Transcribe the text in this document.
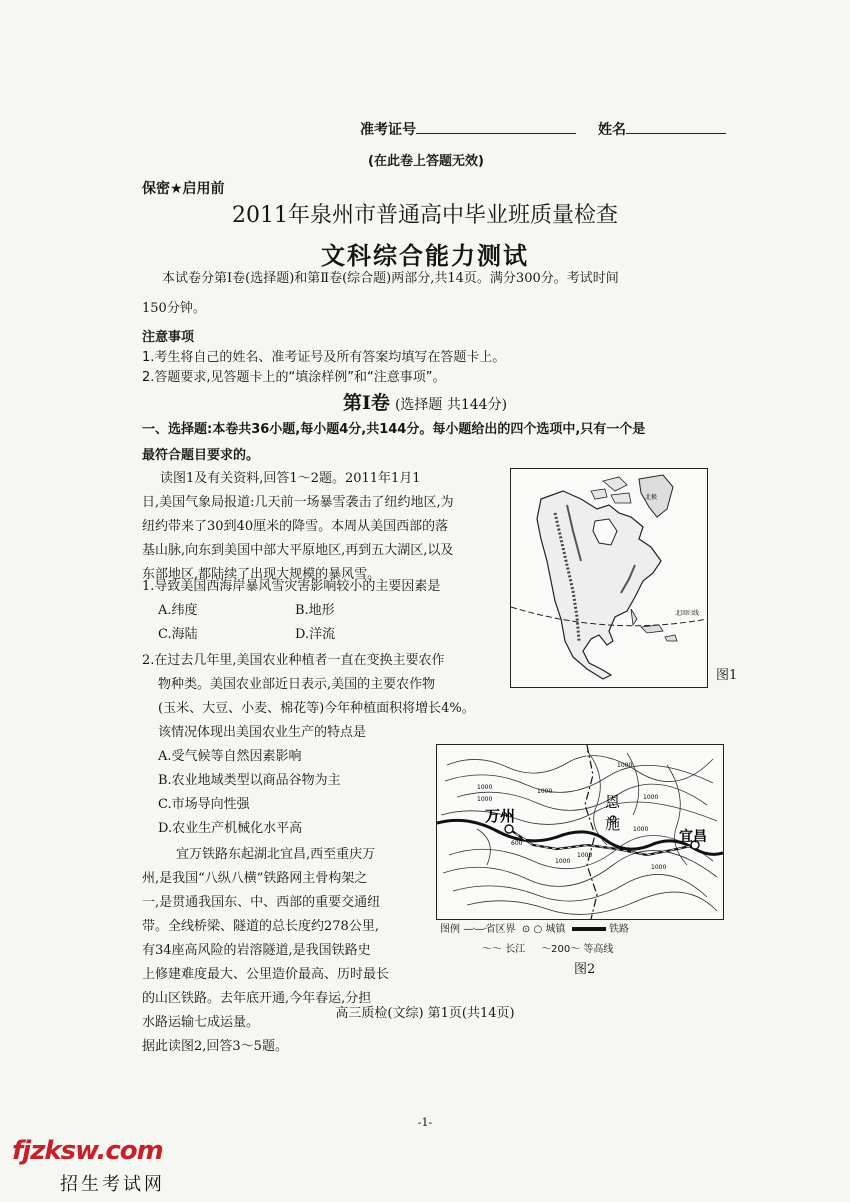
准考证号	姓名
(在此卷上答题无效)
保密★启用前
2011年泉州市普通高中毕业班质量检查
文科综合能力测试
本试卷分第Ⅰ卷(选择题)和第Ⅱ卷(综合题)两部分,共14页。满分300分。考试时间
150分钟。
注意事项
1.考生将自己的姓名、准考证号及所有答案均填写在答题卡上。
2.答题要求,见答题卡上的“填涂样例”和“注意事项”。
第Ⅰ卷 (选择题 共144分)
一、选择题:本卷共36小题,每小题4分,共144分。每小题给出的四个选项中,只有一个是
最符合题目要求的。
读图1及有关资料,回答1～2题。2011年1月1
日,美国气象局报道:几天前一场暴雪袭击了纽约地区,为
纽约带来了30到40厘米的降雪。本周从美国西部的落
基山脉,向东到美国中部大平原地区,再到五大湖区,以及
东部地区,都陆续了出现大规模的暴风雪。
1.导致美国西海岸暴风雪灾害影响较小的主要因素是
A.纬度	B.地形
C.海陆	D.洋流
2.在过去几年里,美国农业种植者一直在变换主要农作
物种类。美国农业部近日表示,美国的主要农作物
(玉米、大豆、小麦、棉花等)今年种植面积将增长4%。
该情况体现出美国农业生产的特点是
A.受气候等自然因素影响
B.农业地域类型以商品谷物为主
C.市场导向性强
D.农业生产机械化水平高
宜万铁路东起湖北宜昌,西至重庆万
州,是我国“八纵八横”铁路网主骨构架之
一,是贯通我国东、中、西部的重要交通纽
带。全线桥梁、隧道的总长度约278公里,
有34座高风险的岩溶隧道,是我国铁路史
上修建难度最大、公里造价最高、历时最长
的山区铁路。去年底开通,今年春运,分担
水路运输七成运量。
据此读图2,回答3～5题。
北极
北回归线
图1
万州
宜昌
恩
施
1000
1000
1000
600
1000
1000
1000
1000
1000
1000
图例 —·—·省区界 ⊙ ○ 城镇	铁路
〜〜 长江 ～200～ 等高线
图2
高三质检(文综) 第1页(共14页)
-1-
fjzksw.com
招生考试网
